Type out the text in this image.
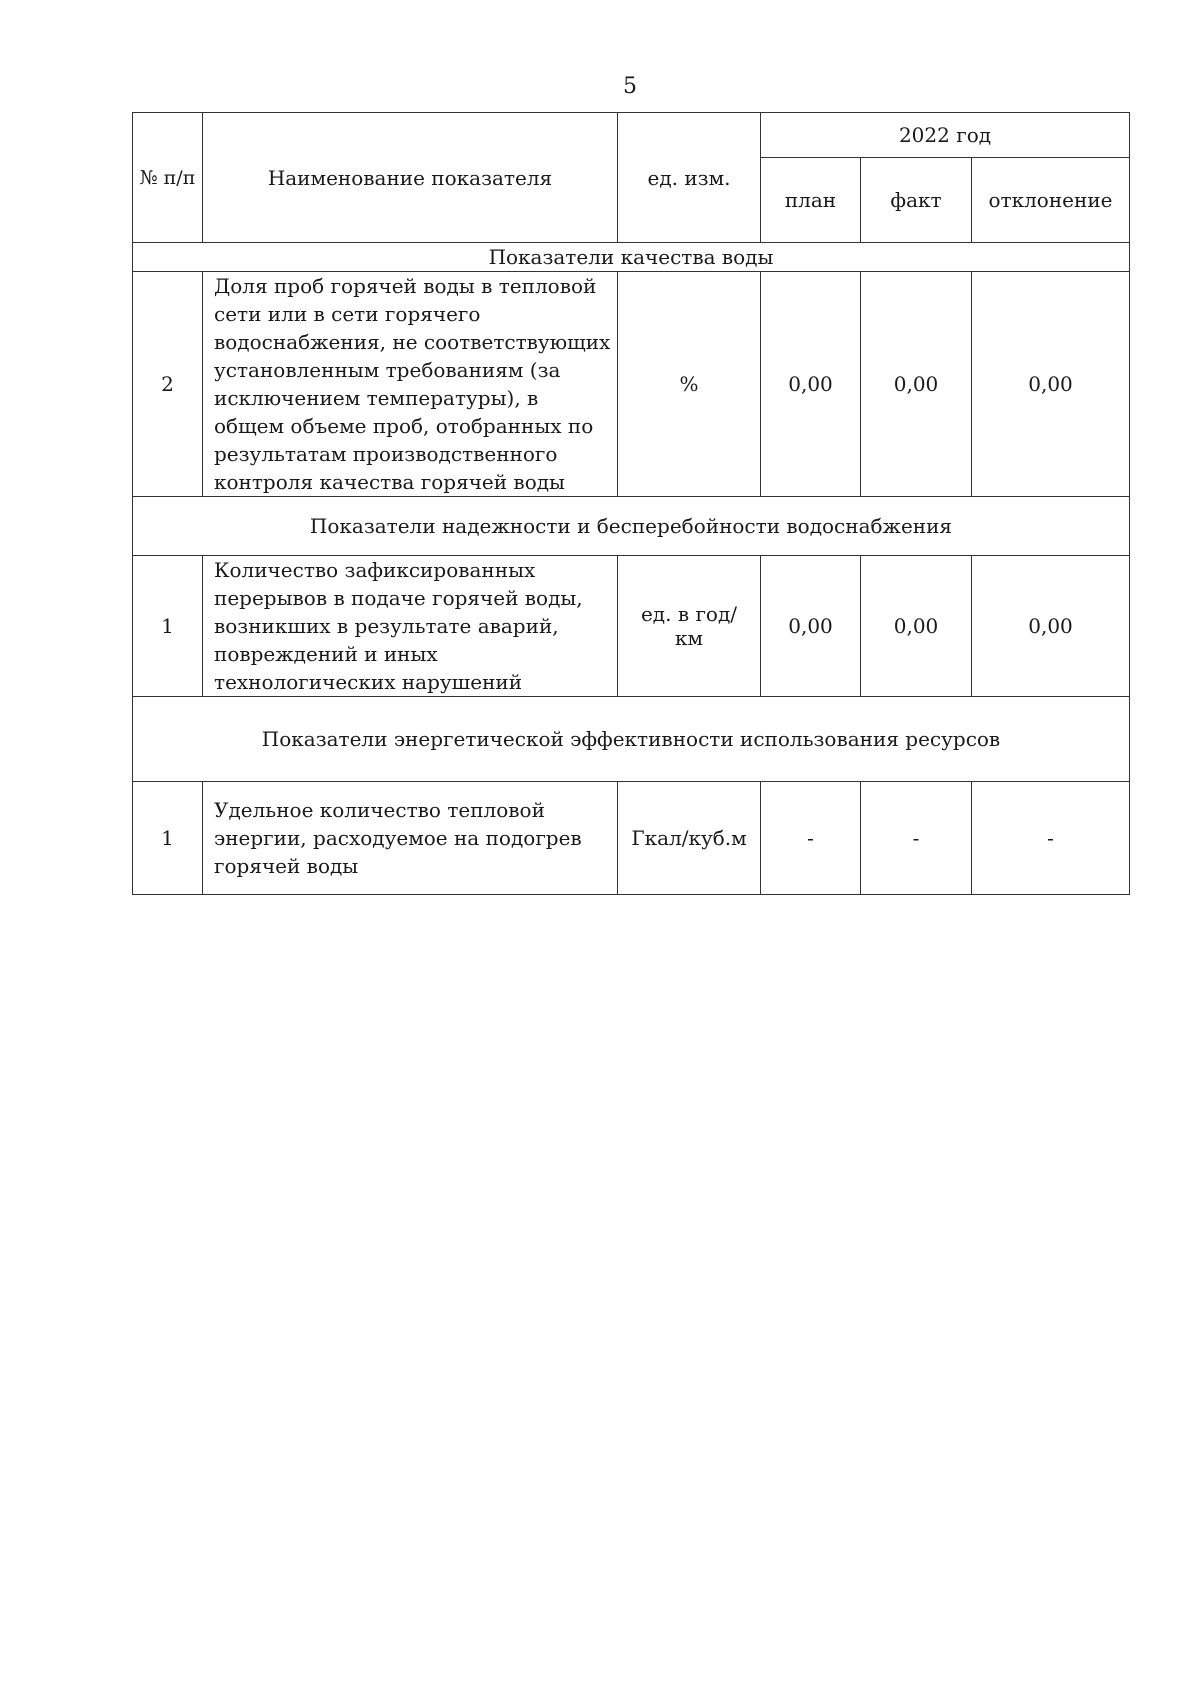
5
№ п/п	Наименование показателя	ед. изм.	2022 год		
			план	факт	отклонение
Показатели качества воды					
2	Доля проб горячей воды в тепловой сети или в сети горячего водоснабжения, не соответствующих установленным требованиям (за исключением температуры), в общем объеме проб, отобранных по результатам производственного контроля качества горячей воды	%	0,00	0,00	0,00
Показатели надежности и бесперебойности водоснабжения					
1	Количество зафиксированных перерывов в подаче горячей воды, возникших в результате аварий, повреждений и иных технологических нарушений	ед. в год/ км	0,00	0,00	0,00
Показатели энергетической эффективности использования ресурсов					
1	Удельное количество тепловой энергии, расходуемое на подогрев горячей воды	Гкал/куб.м	-	-	-
